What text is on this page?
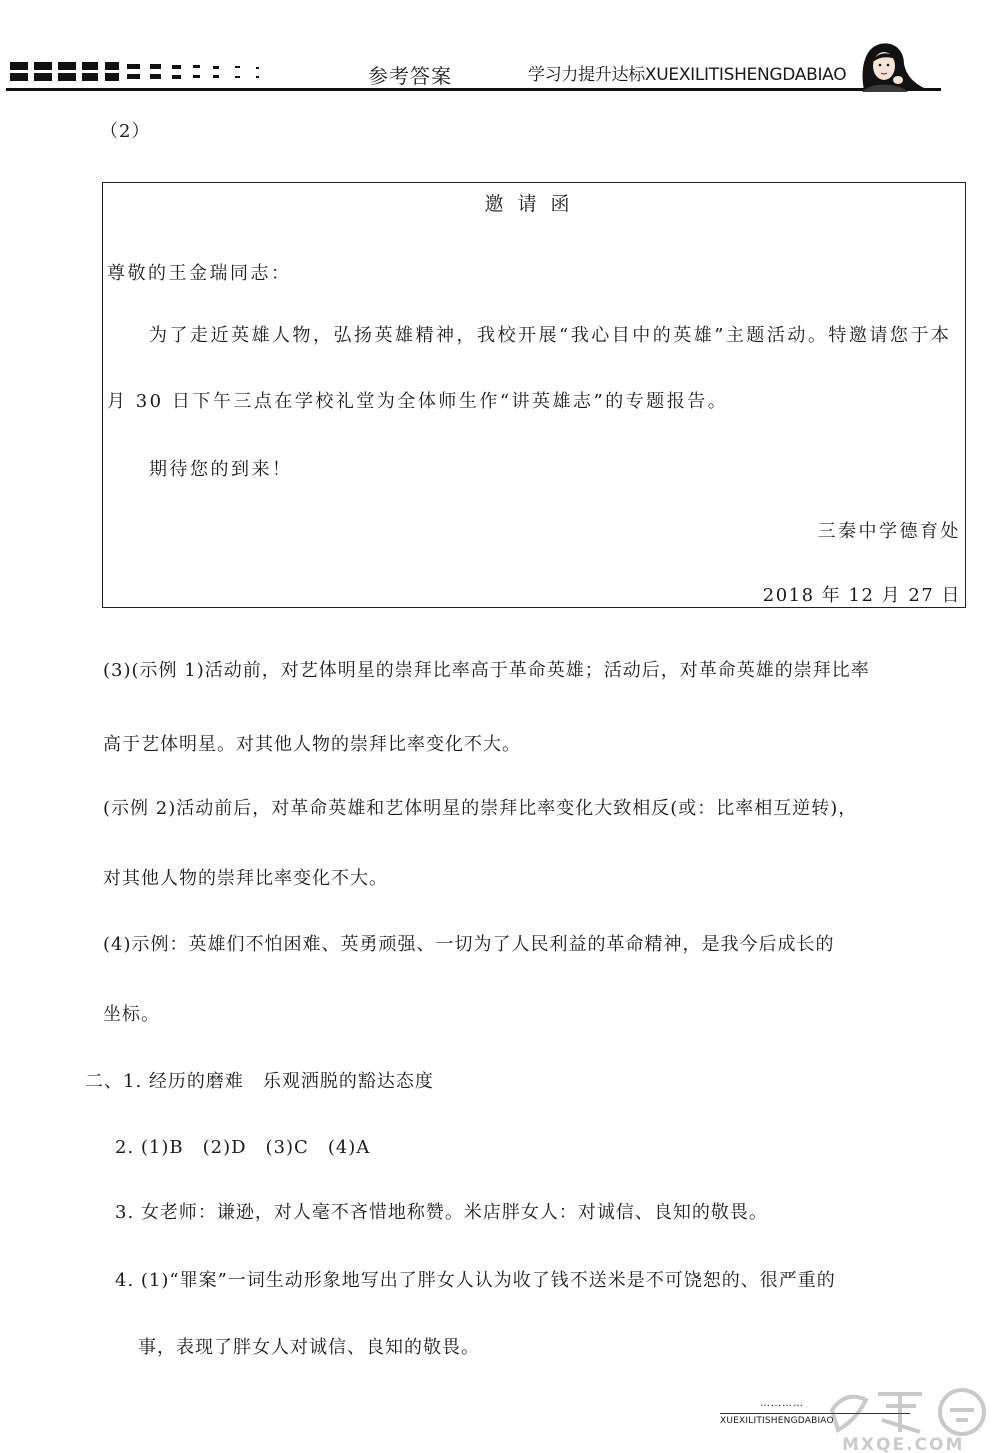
参考答案	学习力提升达标XUEXILITISHENGDABIAO
（2）
邀请函
尊敬的王金瑞同志：
为了走近英雄人物，弘扬英雄精神，我校开展“我心目中的英雄”主题活动。特邀请您于本
月 30 日下午三点在学校礼堂为全体师生作“讲英雄志”的专题报告。
期待您的到来！
三秦中学德育处
2018 年 12 月 27 日
(3)(示例 1)活动前，对艺体明星的崇拜比率高于革命英雄；活动后，对革命英雄的崇拜比率
高于艺体明星。对其他人物的崇拜比率变化不大。
(示例 2)活动前后，对革命英雄和艺体明星的崇拜比率变化大致相反(或：比率相互逆转)，
对其他人物的崇拜比率变化不大。
(4)示例：英雄们不怕困难、英勇顽强、一切为了人民利益的革命精神，是我今后成长的
坐标。
二、1. 经历的磨难　乐观洒脱的豁达态度
2. (1)B　(2)D　(3)C　(4)A
3. 女老师：谦逊，对人毫不吝惜地称赞。米店胖女人：对诚信、良知的敬畏。
4. (1)“罪案”一词生动形象地写出了胖女人认为收了钱不送米是不可饶恕的、很严重的
事，表现了胖女人对诚信、良知的敬畏。
…………
XUEXILITISHENGDABIAO
MXQE.COM
